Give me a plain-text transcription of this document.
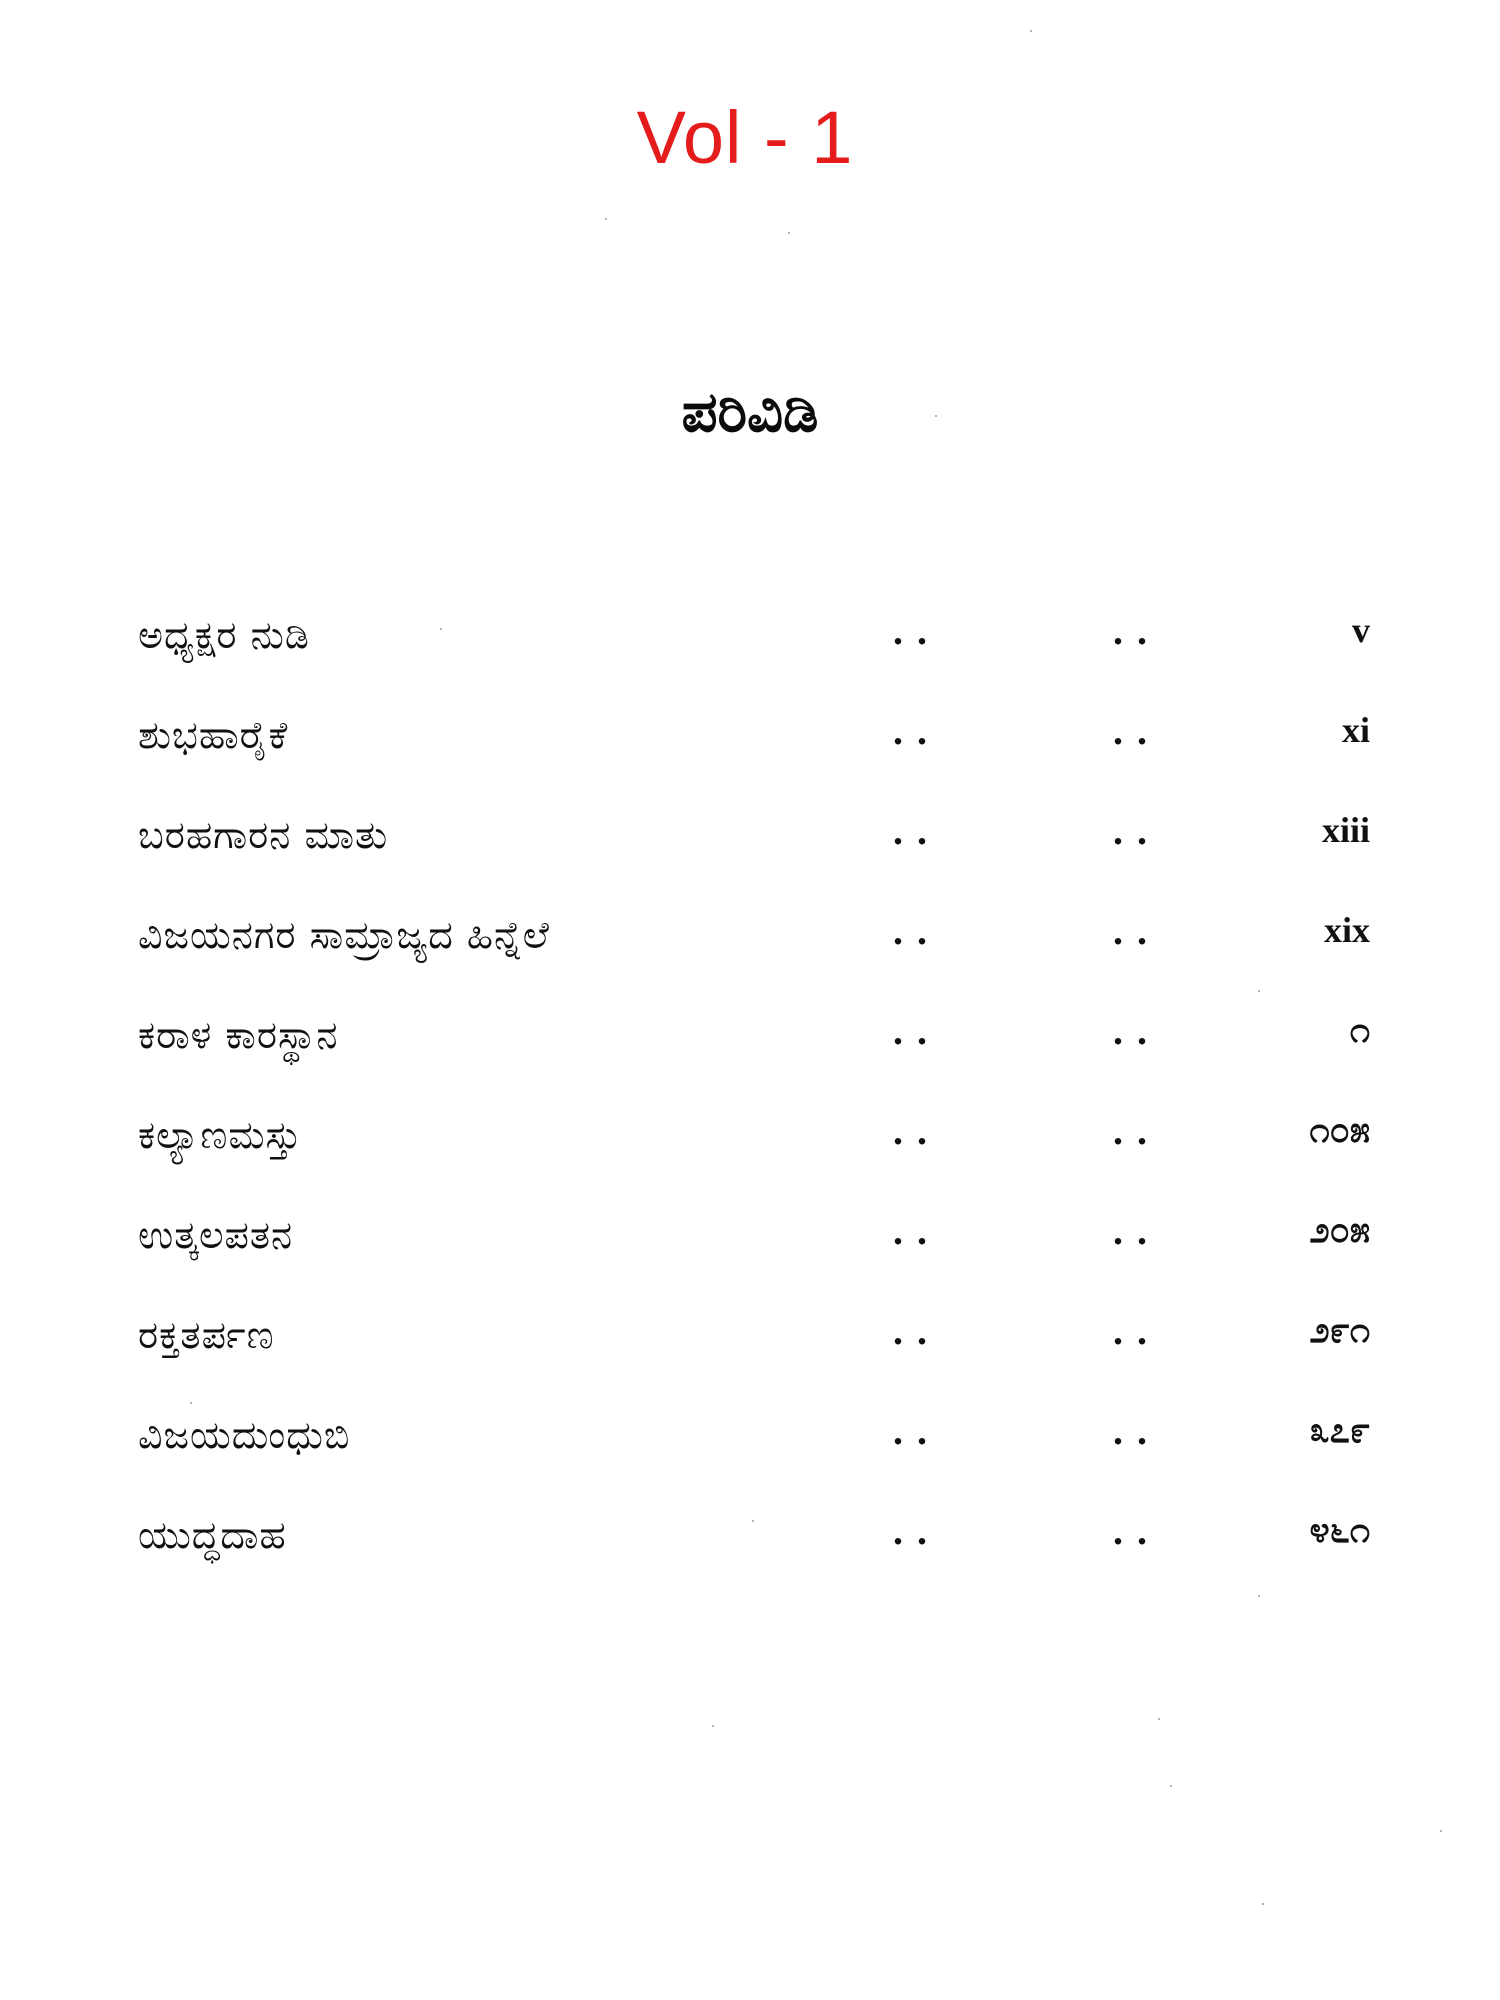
Vol - 1
ಪರಿವಿಡಿ
ಅಧ್ಯಕ್ಷರ ನುಡಿ	..	..	v
ಶುಭಹಾರೈಕೆ	..	..	xi
ಬರಹಗಾರನ ಮಾತು	..	..	xiii
ವಿಜಯನಗರ ಸಾಮ್ರಾಜ್ಯದ ಹಿನ್ನೆಲೆ	..	..	xix
ಕರಾಳ ಕಾರಸ್ಥಾನ	..	..	೧
ಕಲ್ಯಾಣಮಸ್ತು	..	..	೧೦೫
ಉತ್ಕಲಪತನ	..	..	೨೦೫
ರಕ್ತತರ್ಪಣ	..	..	೨೯೧
ವಿಜಯದುಂಧುಬಿ	..	..	೩೭೯
ಯುದ್ಧದಾಹ	..	..	೪೬೧
